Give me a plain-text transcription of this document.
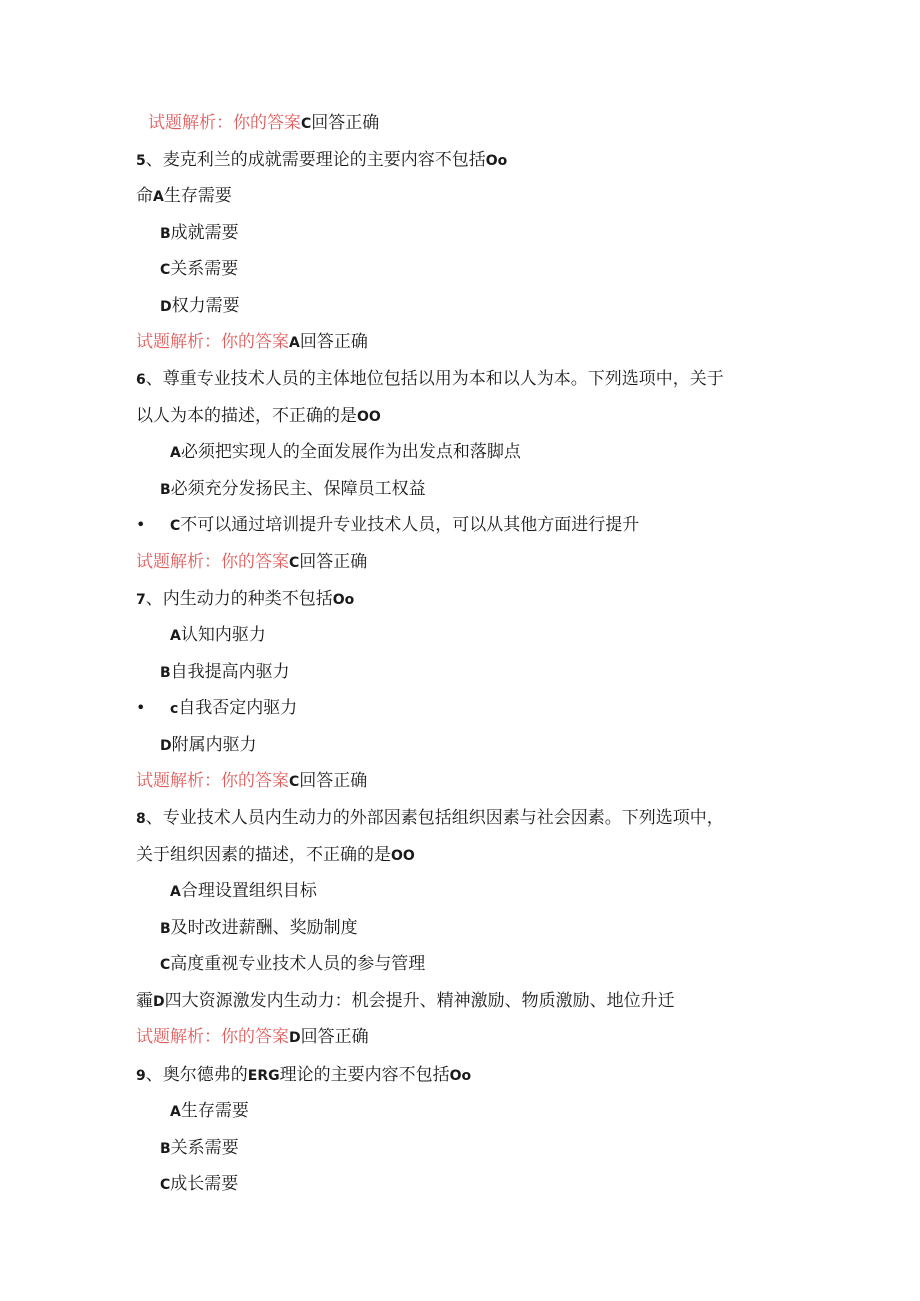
试题解析：你的答案C回答正确
5、麦克利兰的成就需要理论的主要内容不包括Oo
命A生存需要
B成就需要
C关系需要
D权力需要
试题解析：你的答案A回答正确
6、尊重专业技术人员的主体地位包括以用为本和以人为本。下列选项中，关于
以人为本的描述，不正确的是OO
A必须把实现人的全面发展作为出发点和落脚点
B必须充分发扬民主、保障员工权益
• C不可以通过培训提升专业技术人员，可以从其他方面进行提升
试题解析：你的答案C回答正确
7、内生动力的种类不包括Oo
A认知内驱力
B自我提高内驱力
• c自我否定内驱力
D附属内驱力
试题解析：你的答案C回答正确
8、专业技术人员内生动力的外部因素包括组织因素与社会因素。下列选项中，
关于组织因素的描述，不正确的是OO
A合理设置组织目标
B及时改进薪酬、奖励制度
C高度重视专业技术人员的参与管理
霾D四大资源激发内生动力：机会提升、精神激励、物质激励、地位升迁
试题解析：你的答案D回答正确
9、奥尔德弗的ERG理论的主要内容不包括Oo
A生存需要
B关系需要
C成长需要
